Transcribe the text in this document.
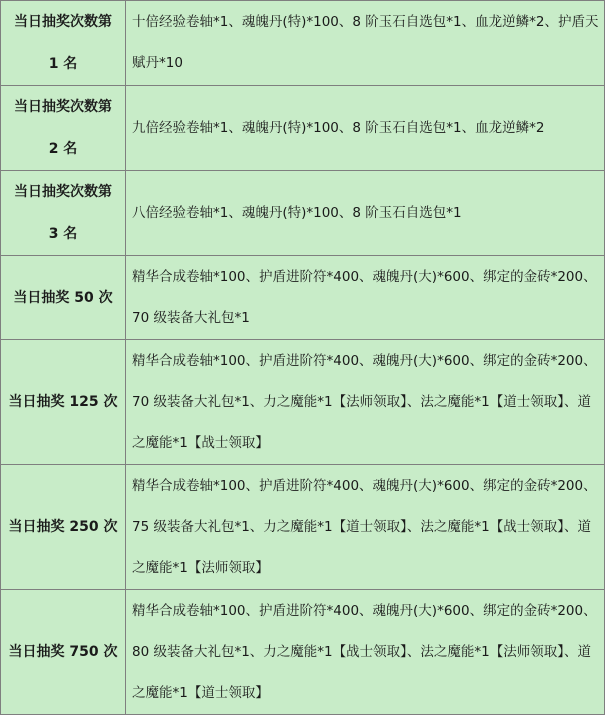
当日抽奖次数第 1 名	十倍经验卷轴*1、魂魄丹(特)*100、8 阶玉石自选包*1、血龙逆鳞*2、护盾天赋丹*10
当日抽奖次数第 2 名	九倍经验卷轴*1、魂魄丹(特)*100、8 阶玉石自选包*1、血龙逆鳞*2
当日抽奖次数第 3 名	八倍经验卷轴*1、魂魄丹(特)*100、8 阶玉石自选包*1
当日抽奖 50 次	精华合成卷轴*100、护盾进阶符*400、魂魄丹(大)*600、绑定的金砖*200、70 级装备大礼包*1
当日抽奖 125 次	精华合成卷轴*100、护盾进阶符*400、魂魄丹(大)*600、绑定的金砖*200、70 级装备大礼包*1、力之魔能*1【法师领取】、法之魔能*1【道士领取】、道之魔能*1【战士领取】
当日抽奖 250 次	精华合成卷轴*100、护盾进阶符*400、魂魄丹(大)*600、绑定的金砖*200、75 级装备大礼包*1、力之魔能*1【道士领取】、法之魔能*1【战士领取】、道之魔能*1【法师领取】
当日抽奖 750 次	精华合成卷轴*100、护盾进阶符*400、魂魄丹(大)*600、绑定的金砖*200、80 级装备大礼包*1、力之魔能*1【战士领取】、法之魔能*1【法师领取】、道之魔能*1【道士领取】
